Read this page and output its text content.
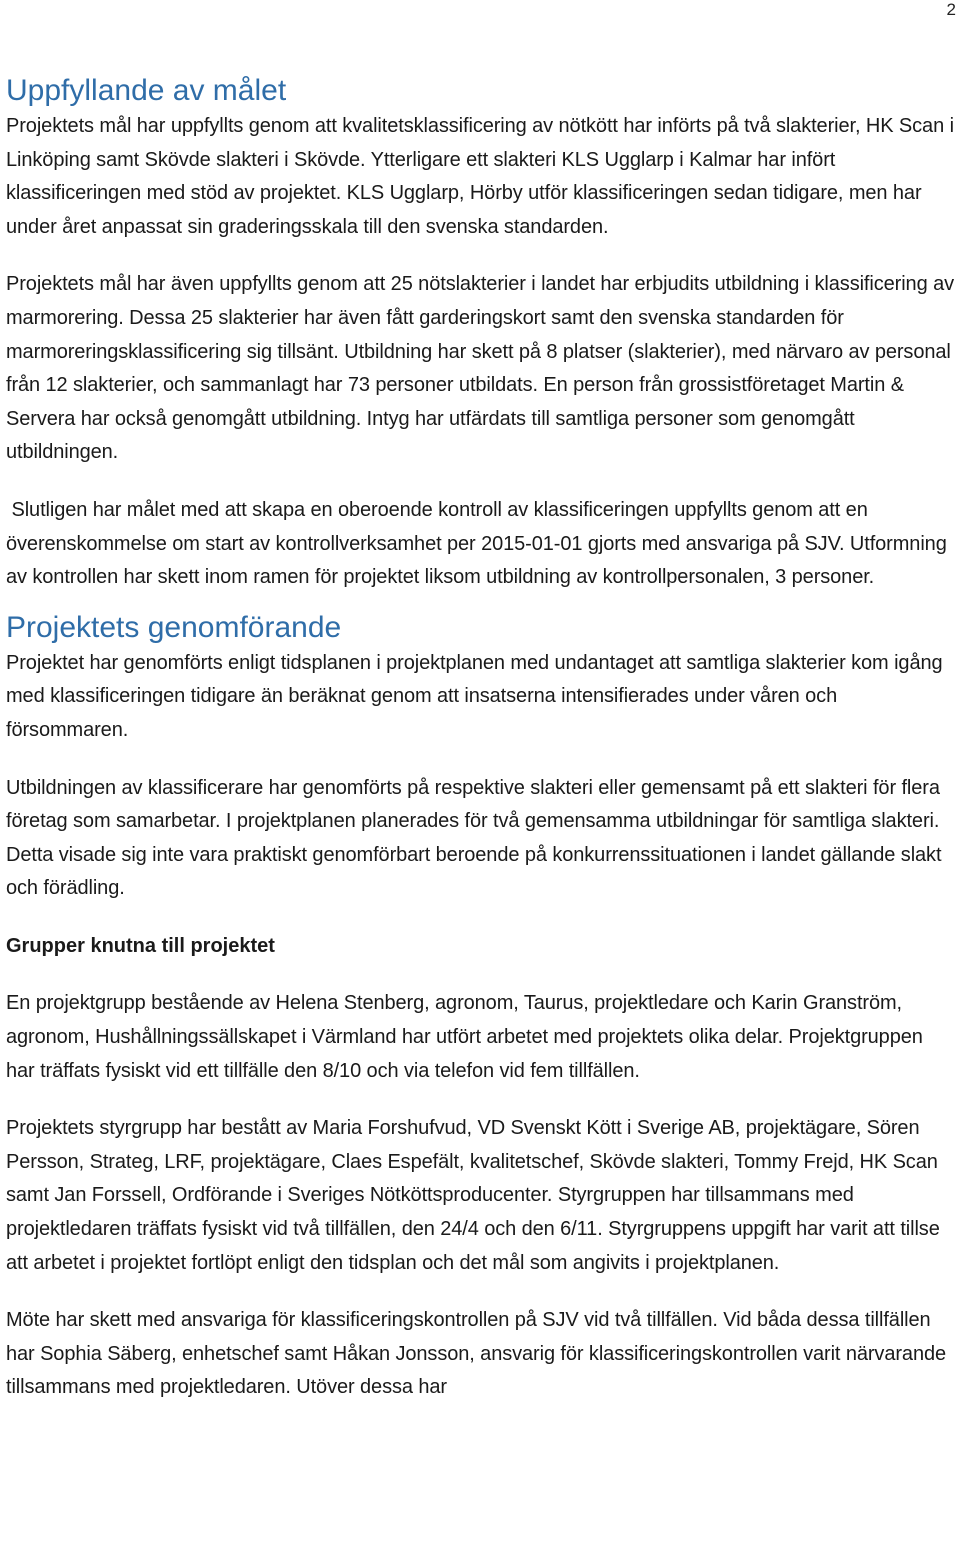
2
Uppfyllande av målet

Projektets mål har uppfyllts genom att kvalitetsklassificering av nötkött har införts på två slakterier, HK Scan i Linköping samt Skövde slakteri i Skövde. Ytterligare ett slakteri KLS Ugglarp i Kalmar har infört klassificeringen med stöd av projektet. KLS Ugglarp, Hörby utför klassificeringen sedan tidigare, men har under året anpassat sin graderingsskala till den svenska standarden.

Projektets mål har även uppfyllts genom att 25 nötslakterier i landet har erbjudits utbildning i klassificering av marmorering. Dessa 25 slakterier har även fått garderingskort samt den svenska standarden för marmoreringsklassificering sig tillsänt. Utbildning har skett på 8 platser (slakterier), med närvaro av personal från 12 slakterier, och sammanlagt har 73 personer utbildats. En person från grossistföretaget Martin & Servera har också genomgått utbildning. Intyg har utfärdats till samtliga personer som genomgått utbildningen.

Slutligen har målet med att skapa en oberoende kontroll av klassificeringen uppfyllts genom att en överenskommelse om start av kontrollverksamhet per 2015-01-01 gjorts med ansvariga på SJV. Utformning av kontrollen har skett inom ramen för projektet liksom utbildning av kontrollpersonalen, 3 personer.

Projektets genomförande

Projektet har genomförts enligt tidsplanen i projektplanen med undantaget att samtliga slakterier kom igång med klassificeringen tidigare än beräknat genom att insatserna intensifierades under våren och försommaren.

Utbildningen av klassificerare har genomförts på respektive slakteri eller gemensamt på ett slakteri för flera företag som samarbetar. I projektplanen planerades för två gemensamma utbildningar för samtliga slakteri. Detta visade sig inte vara praktiskt genomförbart beroende på konkurrenssituationen i landet gällande slakt och förädling.

Grupper knutna till projektet

En projektgrupp bestående av Helena Stenberg, agronom, Taurus, projektledare och Karin Granström, agronom, Hushållningssällskapet i Värmland har utfört arbetet med projektets olika delar. Projektgruppen har träffats fysiskt vid ett tillfälle den 8/10 och via telefon vid fem tillfällen.

Projektets styrgrupp har bestått av Maria Forshufvud, VD Svenskt Kött i Sverige AB, projektägare, Sören Persson, Strateg, LRF, projektägare, Claes Espefält, kvalitetschef, Skövde slakteri, Tommy Frejd, HK Scan samt Jan Forssell, Ordförande i Sveriges Nötköttsproducenter. Styrgruppen har tillsammans med projektledaren träffats fysiskt vid två tillfällen, den 24/4 och den 6/11. Styrgruppens uppgift har varit att tillse att arbetet i projektet fortlöpt enligt den tidsplan och det mål som angivits i projektplanen.

Möte har skett med ansvariga för klassificeringskontrollen på SJV vid två tillfällen. Vid båda dessa tillfällen har Sophia Säberg, enhetschef samt Håkan Jonsson, ansvarig för klassificeringskontrollen varit närvarande tillsammans med projektledaren. Utöver dessa har
